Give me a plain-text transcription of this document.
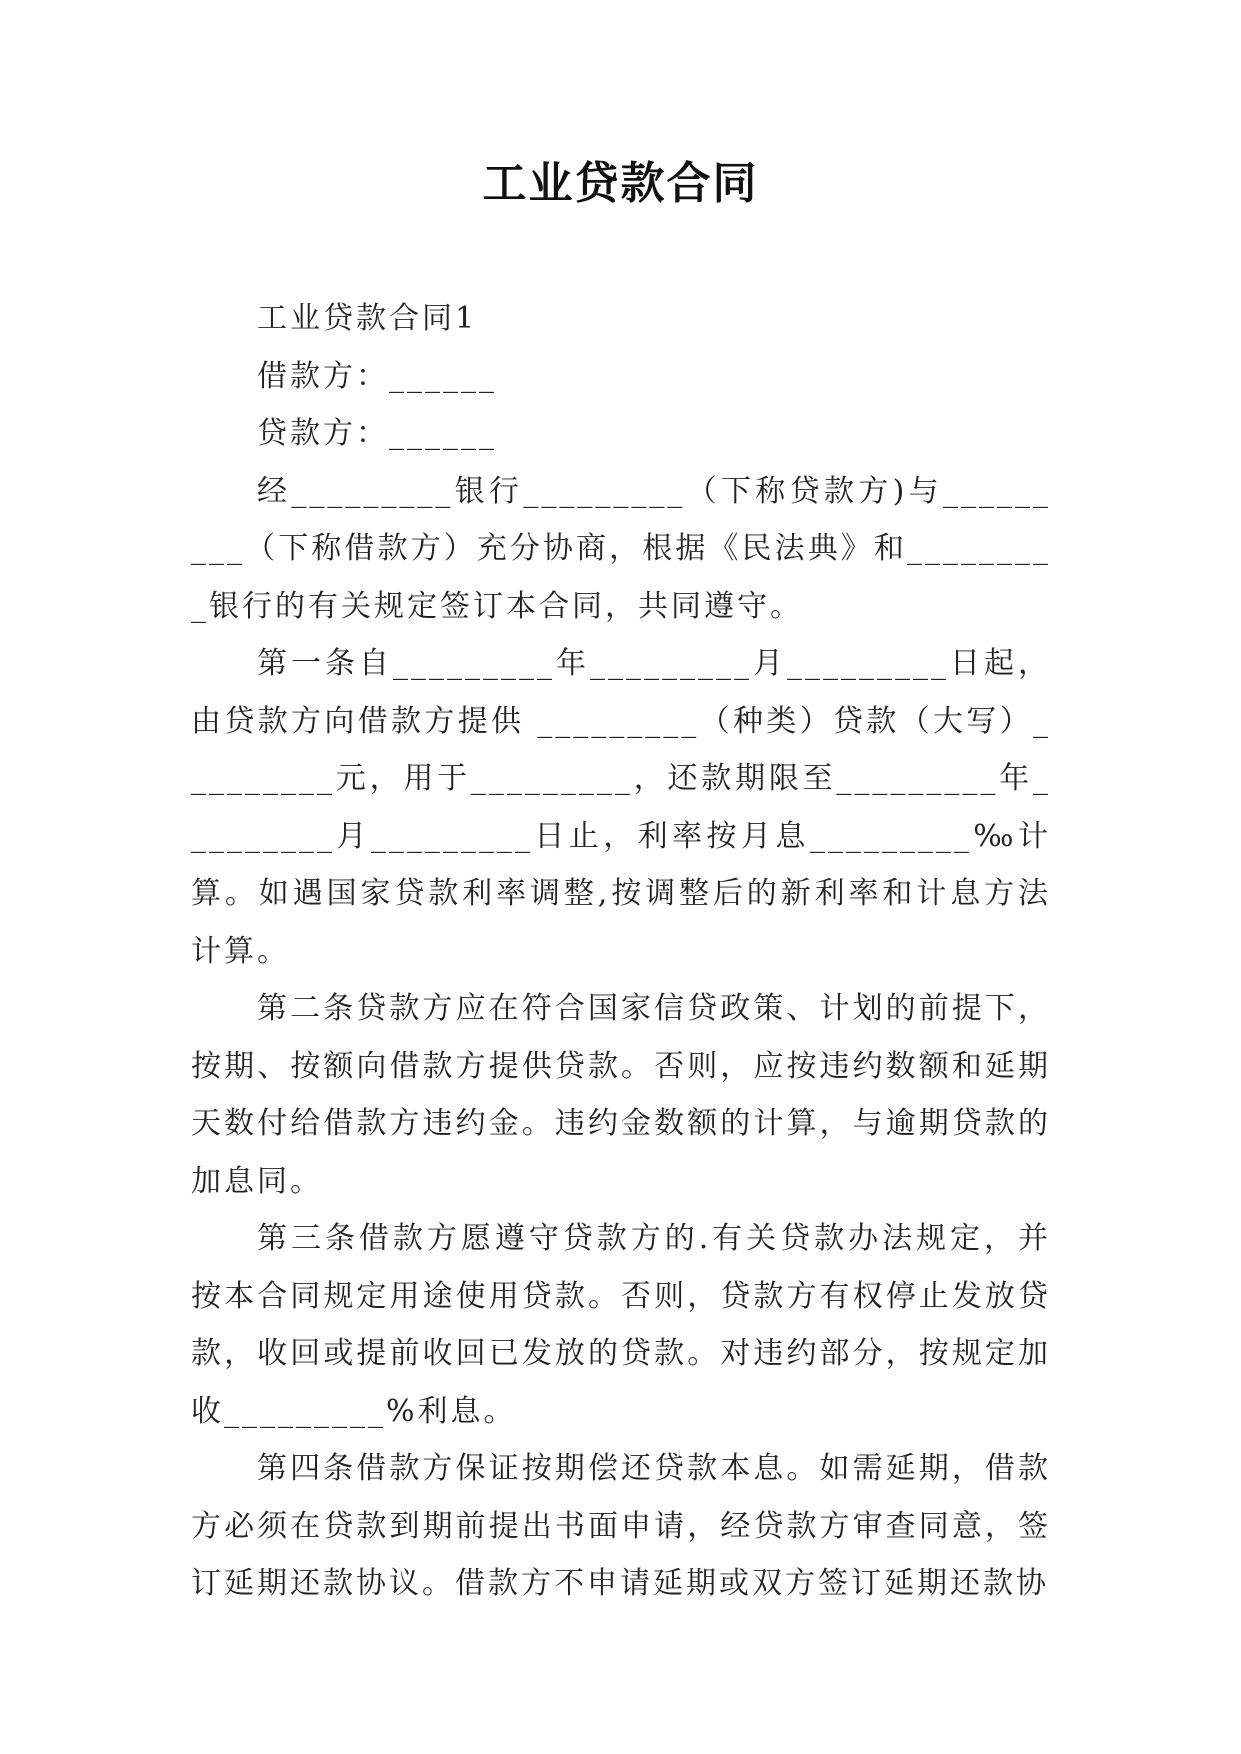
工业贷款合同

工业贷款合同1

借款方：______

贷款方：______

经_________银行_________（下称贷款方)与_________（下称借款方）充分协商，根据《民法典》和_________银行的有关规定签订本合同，共同遵守。

第一条自_________年_________月_________日起，由贷款方向借款方提供 _________（种类）贷款（大写）_________元，用于_________，还款期限至_________年_________月_________日止，利率按月息_________‰计算。如遇国家贷款利率调整,按调整后的新利率和计息方法计算。

第二条贷款方应在符合国家信贷政策、计划的前提下，按期、按额向借款方提供贷款。否则，应按违约数额和延期天数付给借款方违约金。违约金数额的计算，与逾期贷款的加息同。

第三条借款方愿遵守贷款方的.有关贷款办法规定，并按本合同规定用途使用贷款。否则，贷款方有权停止发放贷款，收回或提前收回已发放的贷款。对违约部分，按规定加收_________%利息。

第四条借款方保证按期偿还贷款本息。如需延期，借款方必须在贷款到期前提出书面申请，经贷款方审查同意，签订延期还款协议。借款方不申请延期或双方签订延期还款协
